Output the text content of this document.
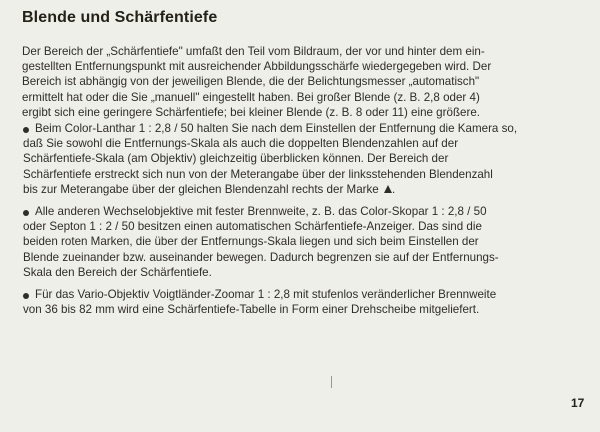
Blende und Schärfentiefe

Der Bereich der „Schärfentiefe" umfaßt den Teil vom Bildraum, der vor und hinter dem ein-
gestellten Entfernungspunkt mit ausreichender Abbildungsschärfe wiedergegeben wird. Der
Bereich ist abhängig von der jeweiligen Blende, die der Belichtungsmesser „automatisch"
ermittelt hat oder die Sie „manuell" eingestellt haben. Bei großer Blende (z. B. 2,8 oder 4)
ergibt sich eine geringere Schärfentiefe; bei kleiner Blende (z. B. 8 oder 11) eine größere.

Beim Color-Lanthar 1 : 2,8 / 50 halten Sie nach dem Einstellen der Entfernung die Kamera so,
daß Sie sowohl die Entfernungs-Skala als auch die doppelten Blendenzahlen auf der
Schärfentiefe-Skala (am Objektiv) gleichzeitig überblicken können. Der Bereich der
Schärfentiefe erstreckt sich nun von der Meterangabe über der linksstehenden Blendenzahl
bis zur Meterangabe über der gleichen Blendenzahl rechts der Marke .

Alle anderen Wechselobjektive mit fester Brennweite, z. B. das Color-Skopar 1 : 2,8 / 50
oder Septon 1 : 2 / 50 besitzen einen automatischen Schärfentiefe-Anzeiger. Das sind die
beiden roten Marken, die über der Entfernungs-Skala liegen und sich beim Einstellen der
Blende zueinander bzw. auseinander bewegen. Dadurch begrenzen sie auf der Entfernungs-
Skala den Bereich der Schärfentiefe.

Für das Vario-Objektiv Voigtländer-Zoomar 1 : 2,8 mit stufenlos veränderlicher Brennweite
von 36 bis 82 mm wird eine Schärfentiefe-Tabelle in Form einer Drehscheibe mitgeliefert.

17
